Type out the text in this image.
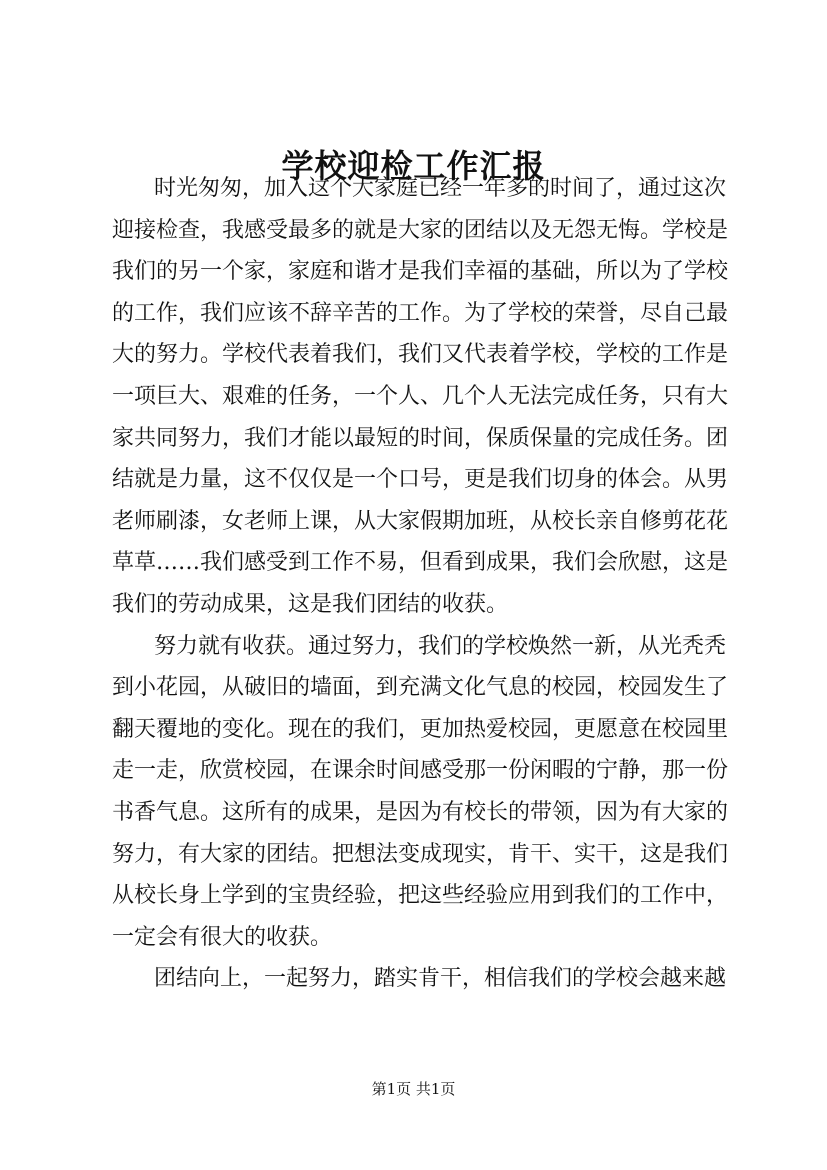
学校迎检工作汇报
时光匆匆，加入这个大家庭已经一年多的时间了，通过这次
迎接检查，我感受最多的就是大家的团结以及无怨无悔。学校是
我们的另一个家，家庭和谐才是我们幸福的基础，所以为了学校
的工作，我们应该不辞辛苦的工作。为了学校的荣誉，尽自己最
大的努力。学校代表着我们，我们又代表着学校，学校的工作是
一项巨大、艰难的任务，一个人、几个人无法完成任务，只有大
家共同努力，我们才能以最短的时间，保质保量的完成任务。团
结就是力量，这不仅仅是一个口号，更是我们切身的体会。从男
老师刷漆，女老师上课，从大家假期加班，从校长亲自修剪花花
草草……我们感受到工作不易，但看到成果，我们会欣慰，这是
我们的劳动成果，这是我们团结的收获。
努力就有收获。通过努力，我们的学校焕然一新，从光秃秃
到小花园，从破旧的墙面，到充满文化气息的校园，校园发生了
翻天覆地的变化。现在的我们，更加热爱校园，更愿意在校园里
走一走，欣赏校园，在课余时间感受那一份闲暇的宁静，那一份
书香气息。这所有的成果，是因为有校长的带领，因为有大家的
努力，有大家的团结。把想法变成现实，肯干、实干，这是我们
从校长身上学到的宝贵经验，把这些经验应用到我们的工作中，
一定会有很大的收获。
团结向上，一起努力，踏实肯干，相信我们的学校会越来越
第1页 共1页
